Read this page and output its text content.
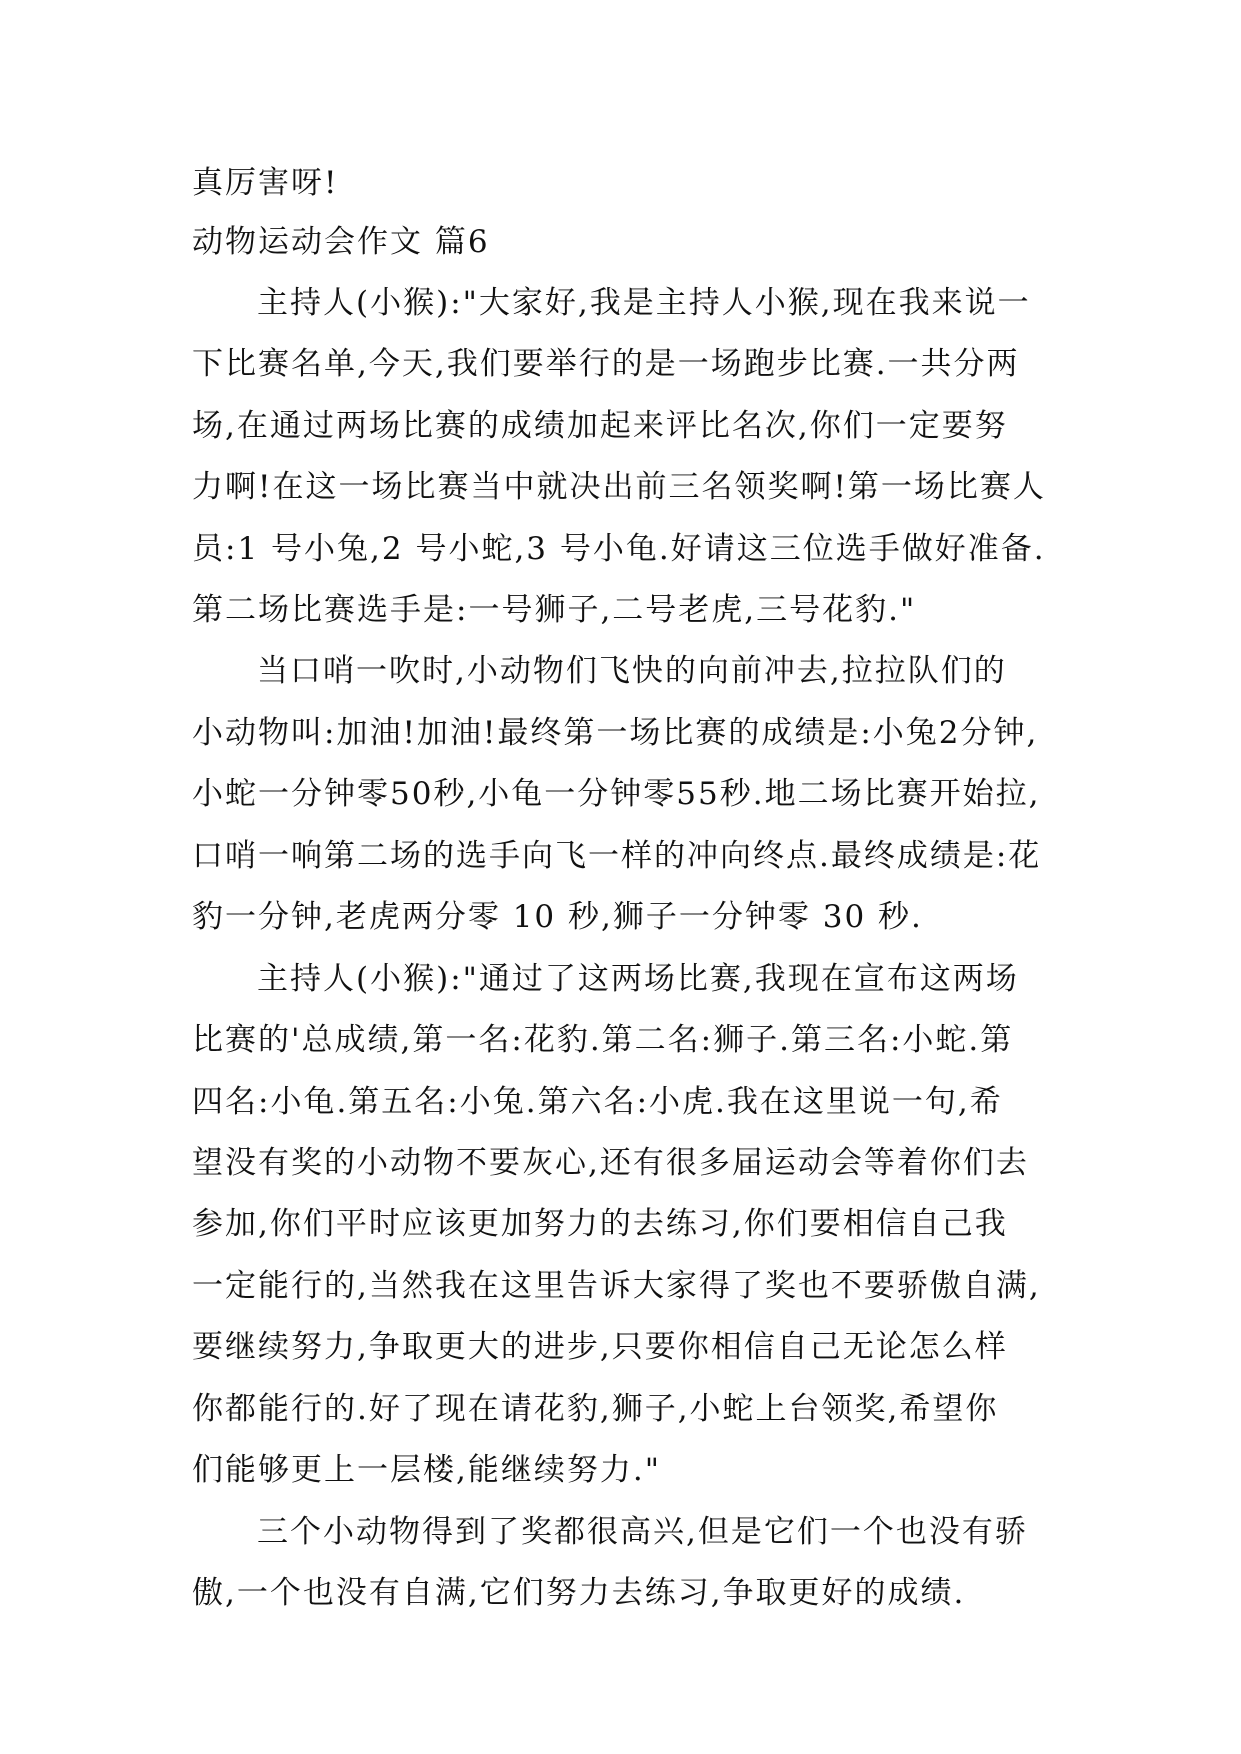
真厉害呀!
动物运动会作文 篇6
主持人(小猴):"大家好,我是主持人小猴,现在我来说一
下比赛名单,今天,我们要举行的是一场跑步比赛.一共分两
场,在通过两场比赛的成绩加起来评比名次,你们一定要努
力啊!在这一场比赛当中就决出前三名领奖啊!第一场比赛人
员:1 号小兔,2 号小蛇,3 号小龟.好请这三位选手做好准备.
第二场比赛选手是:一号狮子,二号老虎,三号花豹."
当口哨一吹时,小动物们飞快的向前冲去,拉拉队们的
小动物叫:加油!加油!最终第一场比赛的成绩是:小兔2分钟,
小蛇一分钟零50秒,小龟一分钟零55秒.地二场比赛开始拉,
口哨一响第二场的选手向飞一样的冲向终点.最终成绩是:花
豹一分钟,老虎两分零 10 秒,狮子一分钟零 30 秒.
主持人(小猴):"通过了这两场比赛,我现在宣布这两场
比赛的'总成绩,第一名:花豹.第二名:狮子.第三名:小蛇.第
四名:小龟.第五名:小兔.第六名:小虎.我在这里说一句,希
望没有奖的小动物不要灰心,还有很多届运动会等着你们去
参加,你们平时应该更加努力的去练习,你们要相信自己我
一定能行的,当然我在这里告诉大家得了奖也不要骄傲自满,
要继续努力,争取更大的进步,只要你相信自己无论怎么样
你都能行的.好了现在请花豹,狮子,小蛇上台领奖,希望你
们能够更上一层楼,能继续努力."
三个小动物得到了奖都很高兴,但是它们一个也没有骄
傲,一个也没有自满,它们努力去练习,争取更好的成绩.
